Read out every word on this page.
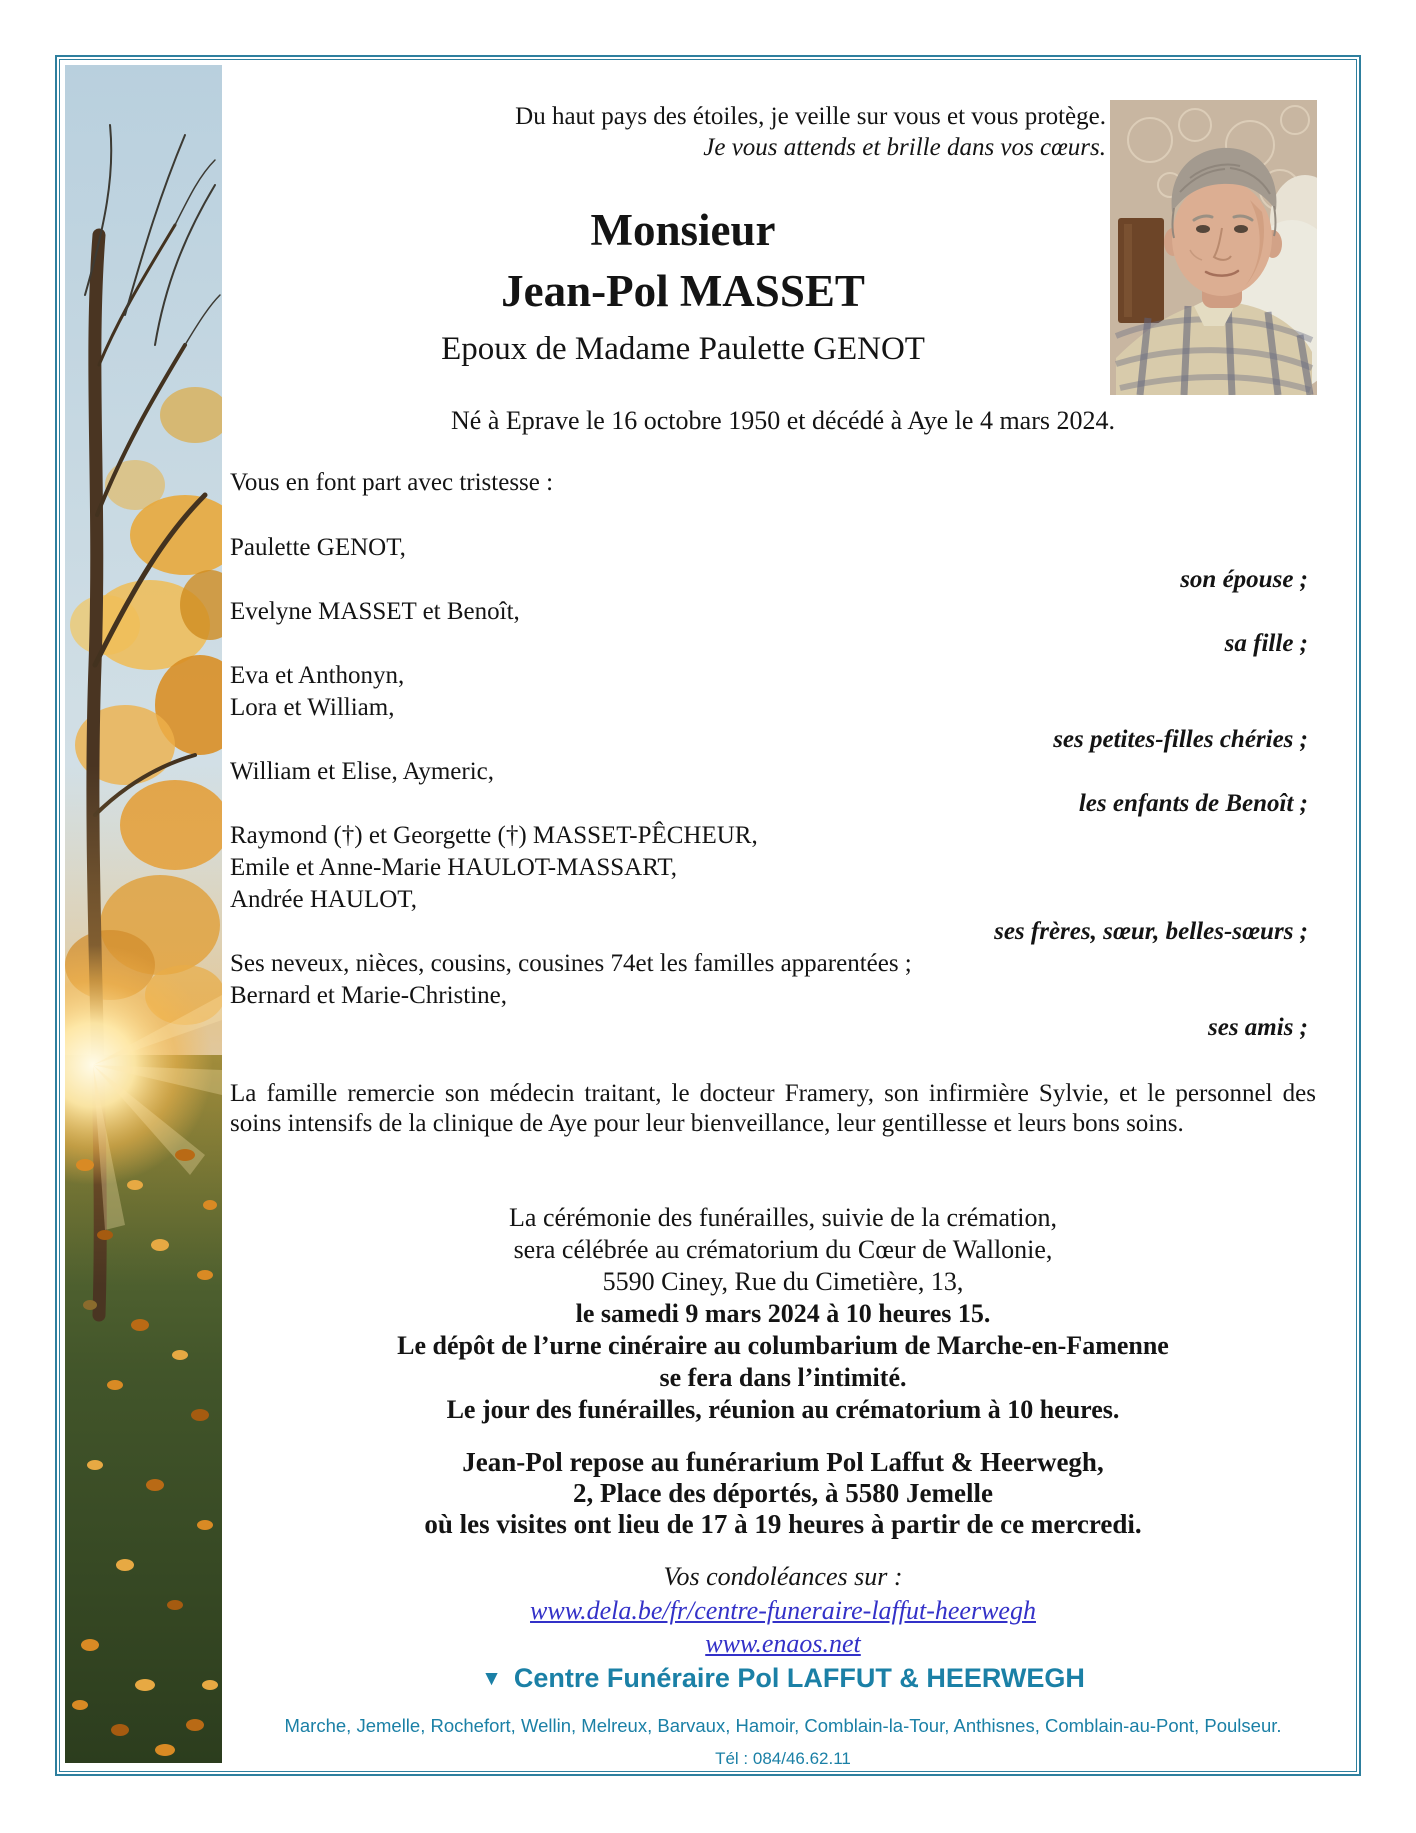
Du haut pays des étoiles, je veille sur vous et vous protège.
Je vous attends et brille dans vos cœurs.
Monsieur
Jean-Pol MASSET
Epoux de Madame Paulette GENOT
Né à Eprave le 16 octobre 1950 et décédé à Aye le 4 mars 2024.
Vous en font part avec tristesse :
Paulette GENOT,
son épouse ;
Evelyne MASSET et Benoît,
sa fille ;
Eva et Anthonyn,
Lora et William,
ses petites-filles chéries ;
William et Elise, Aymeric,
les enfants de Benoît ;
Raymond (†) et Georgette (†) MASSET-PÊCHEUR,
Emile et Anne-Marie HAULOT-MASSART,
Andrée HAULOT,
ses frères, sœur, belles-sœurs ;
Ses neveux, nièces, cousins, cousines 74et les familles apparentées ;
Bernard et Marie-Christine,
ses amis ;
La famille remercie son médecin traitant, le docteur Framery, son infirmière Sylvie, et le personnel des soins intensifs de la clinique de Aye pour leur bienveillance, leur gentillesse et leurs bons soins.
La cérémonie des funérailles, suivie de la crémation,
sera célébrée au crématorium du Cœur de Wallonie,
5590 Ciney, Rue du Cimetière, 13,
le samedi 9 mars 2024 à 10 heures 15.
Le dépôt de l’urne cinéraire au columbarium de Marche-en-Famenne
se fera dans l’intimité.
Le jour des funérailles, réunion au crématorium à 10 heures.
Jean-Pol repose au funérarium Pol Laffut & Heerwegh,
2, Place des déportés, à 5580 Jemelle
où les visites ont lieu de 17 à 19 heures à partir de ce mercredi.
Vos condoléances sur :
www.dela.be/fr/centre-funeraire-laffut-heerwegh
www.enaos.net
▼ Centre Funéraire Pol LAFFUT & HEERWEGH
Marche, Jemelle, Rochefort, Wellin, Melreux, Barvaux, Hamoir, Comblain-la-Tour, Anthisnes, Comblain-au-Pont, Poulseur.
Tél : 084/46.62.11
